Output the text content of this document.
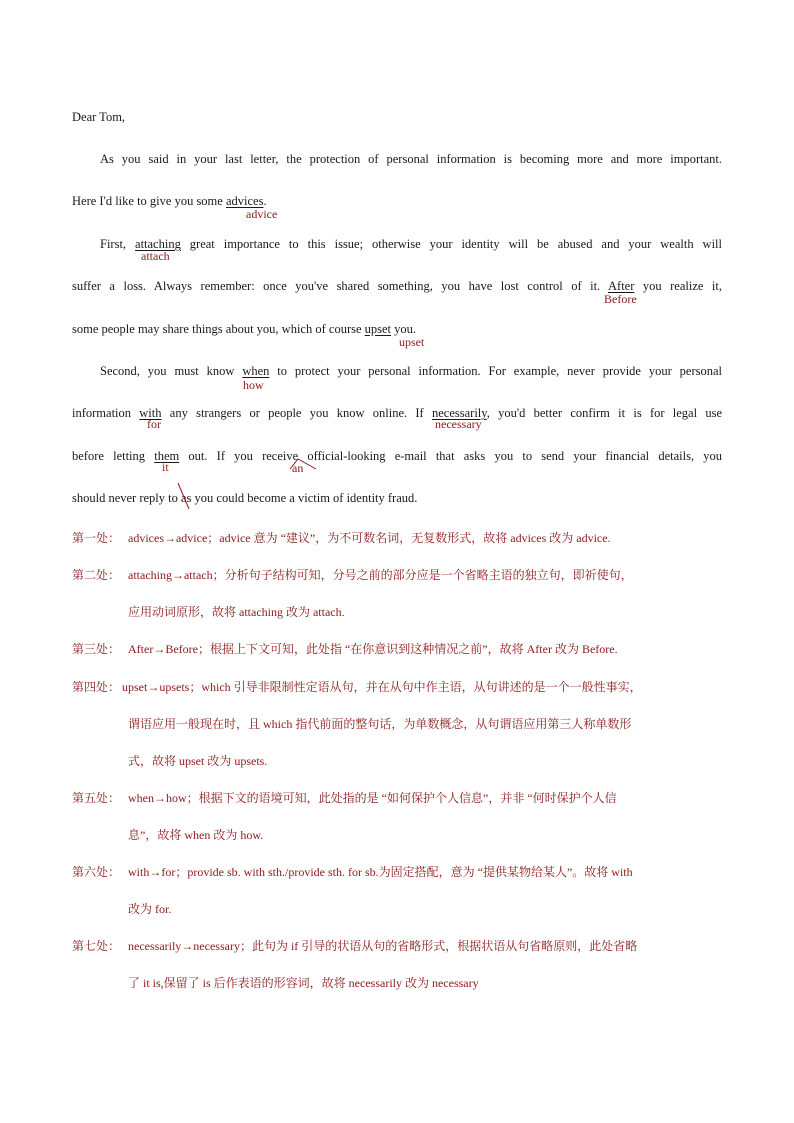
Dear Tom,
As you said in your last letter, the protection of personal information is becoming more and more important.
Here I'd like to give you some advices.
advice
First, attaching great importance to this issue; otherwise your identity will be abused and your wealth will
attach
suffer a loss. Always remember: once you've shared something, you have lost control of it. After you realize it,
Before
some people may share things about you, which of course upset you.
upset
Second, you must know when to protect your personal information. For example, never provide your personal
how
information with any strangers or people you know online. If necessarily, you'd better confirm it is for legal use
for	necessary
before letting them out. If you receive official-looking e-mail that asks you to send your financial details, you
it	an
should never reply to as you could become a victim of identity fraud.
第一处： advices→advice；advice 意为 “建议”，为不可数名词，无复数形式，故将 advices 改为 advice.
第二处： attaching→attach；分析句子结构可知，分号之前的部分应是一个省略主语的独立句，即祈使句，
应用动词原形，故将 attaching 改为 attach.
第三处： After→Before；根据上下文可知，此处指 “在你意识到这种情况之前”，故将 After 改为 Before.
第四处： upset→upsets；which 引导非限制性定语从句，并在从句中作主语，从句讲述的是一个一般性事实，
谓语应用一般现在时，且 which 指代前面的整句话，为单数概念，从句谓语应用第三人称单数形
式，故将 upset 改为 upsets.
第五处： when→how；根据下文的语境可知，此处指的是 “如何保护个人信息”，并非 “何时保护个人信
息”，故将 when 改为 how.
第六处： with→for；provide sb. with sth./provide sth. for sb.为固定搭配，意为 “提供某物给某人”。故将 with
改为 for.
第七处： necessarily→necessary；此句为 if 引导的状语从句的省略形式，根据状语从句省略原则，此处省略
了 it is,保留了 is 后作表语的形容词，故将 necessarily 改为 necessary
